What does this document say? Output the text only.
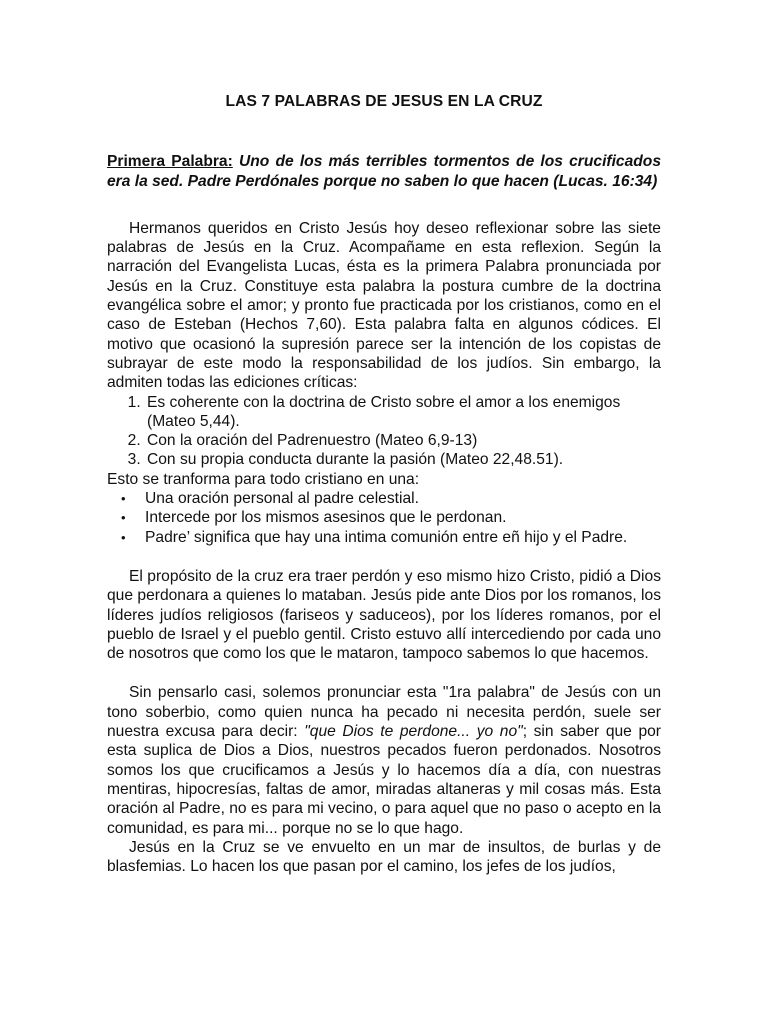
LAS 7 PALABRAS DE JESUS EN LA CRUZ
Primera Palabra: Uno de los más terribles tormentos de los crucificados era la sed. Padre Perdónales porque no saben lo que hacen (Lucas. 16:34)

Hermanos queridos en Cristo Jesús hoy deseo reflexionar sobre las siete palabras de Jesús en la Cruz. Acompañame en esta reflexion. Según la narración del Evangelista Lucas, ésta es la primera Palabra pronunciada por Jesús en la Cruz. Constituye esta palabra la postura cumbre de la doctrina evangélica sobre el amor; y pronto fue practicada por los cristianos, como en el caso de Esteban (Hechos 7,60). Esta palabra falta en algunos códices. El motivo que ocasionó la supresión parece ser la intención de los copistas de subrayar de este modo la responsabilidad de los judíos. Sin embargo, la admiten todas las ediciones críticas:

1. Es coherente con la doctrina de Cristo sobre el amor a los enemigos (Mateo 5,44).
2. Con la oración del Padrenuestro (Mateo 6,9-13)
3. Con su propia conducta durante la pasión (Mateo 22,48.51).

Esto se tranforma para todo cristiano en una:

• Una oración personal al padre celestial.
• Intercede por los mismos asesinos que le perdonan.
• Padre’ significa que hay una intima comunión entre eñ hijo y el Padre.

El propósito de la cruz era traer perdón y eso mismo hizo Cristo, pidió a Dios que perdonara a quienes lo mataban. Jesús pide ante Dios por los romanos, los líderes judíos religiosos (fariseos y saduceos), por los líderes romanos, por el pueblo de Israel y el pueblo gentil. Cristo estuvo allí intercediendo por cada uno de nosotros que como los que le mataron, tampoco sabemos lo que hacemos.

Sin pensarlo casi, solemos pronunciar esta "1ra palabra" de Jesús con un tono soberbio, como quien nunca ha pecado ni necesita perdón, suele ser nuestra excusa para decir: "que Dios te perdone... yo no"; sin saber que por esta suplica de Dios a Dios, nuestros pecados fueron perdonados. Nosotros somos los que crucificamos a Jesús y lo hacemos día a día, con nuestras mentiras, hipocresías, faltas de amor, miradas altaneras y mil cosas más. Esta oración al Padre, no es para mi vecino, o para aquel que no paso o acepto en la comunidad, es para mi... porque no se lo que hago.

Jesús en la Cruz se ve envuelto en un mar de insultos, de burlas y de blasfemias. Lo hacen los que pasan por el camino, los jefes de los judíos,
